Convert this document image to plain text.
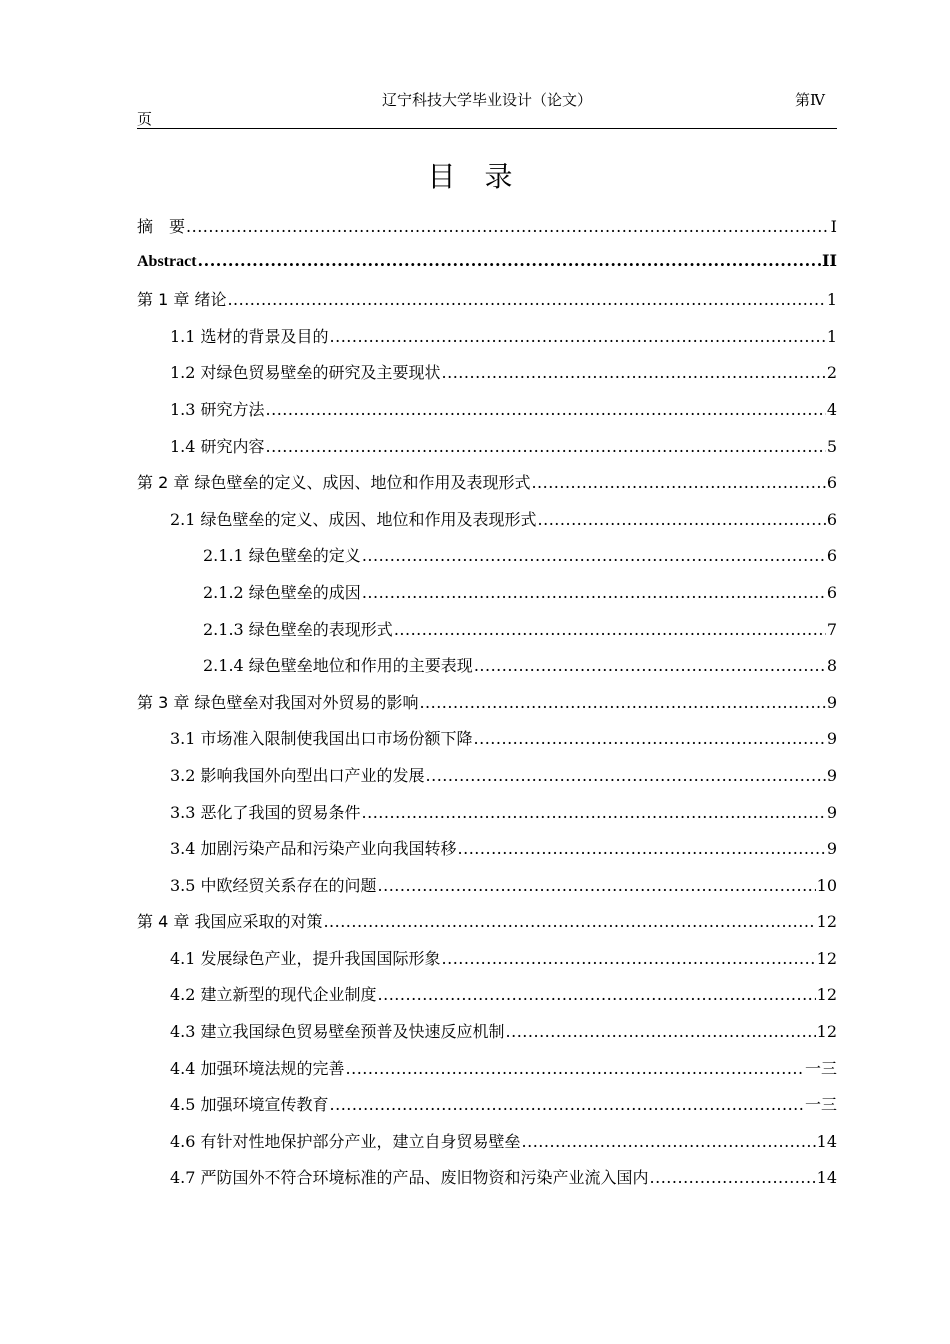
辽宁科技大学毕业设计（论文）	第Ⅳ
页
目 录
摘　要 .....	I
Abstract .....	II
第 1 章 绪论 .....	1
1.1 选材的背景及目的 .....	1
1.2 对绿色贸易壁垒的研究及主要现状 .....	2
1.3 研究方法 .....	4
1.4 研究内容 .....	5
第 2 章 绿色壁垒的定义、成因、地位和作用及表现形式 .....	6
2.1 绿色壁垒的定义、成因、地位和作用及表现形式 .....	6
2.1.1 绿色壁垒的定义 .....	6
2.1.2 绿色壁垒的成因 .....	6
2.1.3 绿色壁垒的表现形式 .....	7
2.1.4 绿色壁垒地位和作用的主要表现 .....	8
第 3 章 绿色壁垒对我国对外贸易的影响 .....	9
3.1 市场准入限制使我国出口市场份额下降 .....	9
3.2 影响我国外向型出口产业的发展 .....	9
3.3 恶化了我国的贸易条件 .....	9
3.4 加剧污染产品和污染产业向我国转移 .....	9
3.5 中欧经贸关系存在的问题 .....	10
第 4 章 我国应采取的对策 .....	12
4.1 发展绿色产业，提升我国国际形象 .....	12
4.2 建立新型的现代企业制度 .....	12
4.3 建立我国绿色贸易壁垒预普及快速反应机制 .....	12
4.4 加强环境法规的完善 .....	一三
4.5 加强环境宣传教育 .....	一三
4.6 有针对性地保护部分产业，建立自身贸易壁垒 .....	14
4.7 严防国外不符合环境标准的产品、废旧物资和污染产业流入国内 .....	14
